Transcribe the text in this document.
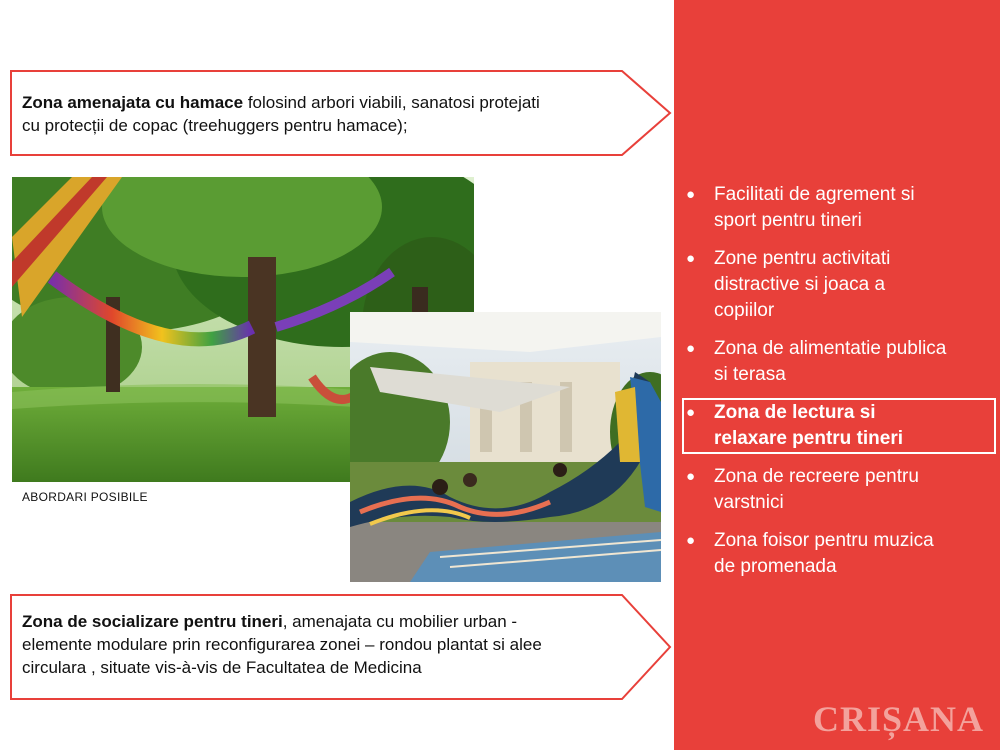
Zona amenajata cu hamace folosind arbori viabili, sanatosi protejati
cu protecții de copac (treehuggers pentru hamace);
ABORDARI POSIBILE
Zona de socializare pentru tineri, amenajata cu mobilier urban -
elemente modulare prin reconfigurarea zonei – rondou plantat si alee
circulara , situate vis-à-vis de Facultatea de Medicina
● Facilitati de agrement si
sport pentru tineri
● Zone pentru activitati
distractive si joaca a
copiilor
● Zona de alimentatie publica
si terasa
● Zona de lectura si
relaxare pentru tineri
● Zona de recreere pentru
varstnici
● Zona foisor pentru muzica
de promenada
CRIȘANA
